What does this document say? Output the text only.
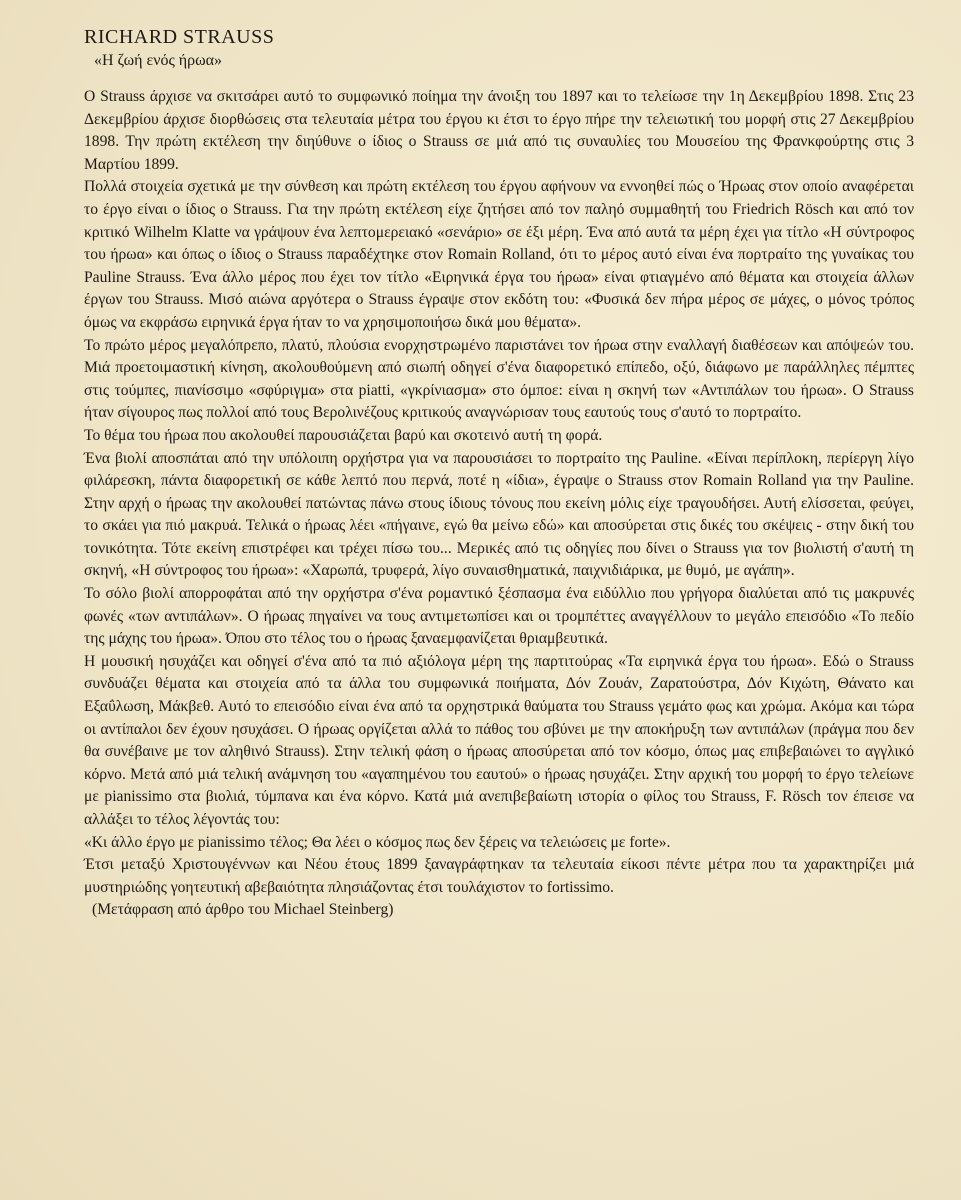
RICHARD STRAUSS
«Η ζωή ενός ήρωα»

Ο Strauss άρχισε να σκιτσάρει αυτό το συμφωνικό ποίημα την άνοιξη του 1897 και το τελείωσε την 1η Δεκεμβρίου 1898. Στις 23 Δεκεμβρίου άρχισε διορθώσεις στα τελευταία μέτρα του έργου κι έτσι το έργο πήρε την τελειωτική του μορφή στις 27 Δεκεμβρίου 1898. Την πρώτη εκτέλεση την διηύθυνε ο ίδιος ο Strauss σε μιά από τις συναυλίες του Μουσείου της Φρανκφούρτης στις 3 Μαρτίου 1899.

Πολλά στοιχεία σχετικά με την σύνθεση και πρώτη εκτέλεση του έργου αφήνουν να εννοηθεί πώς ο Ήρωας στον οποίο αναφέρεται το έργο είναι ο ίδιος ο Strauss. Για την πρώτη εκτέλεση είχε ζητήσει από τον παληό συμμαθητή του Friedrich Rösch και από τον κριτικό Wilhelm Klatte να γράψουν ένα λεπτομερειακό «σενάριο» σε έξι μέρη. Ένα από αυτά τα μέρη έχει για τίτλο «Η σύντροφος του ήρωα» και όπως ο ίδιος ο Strauss παραδέχτηκε στον Romain Rolland, ότι το μέρος αυτό είναι ένα πορτραίτο της γυναίκας του Pauline Strauss. Ένα άλλο μέρος που έχει τον τίτλο «Ειρηνικά έργα του ήρωα» είναι φτιαγμένο από θέματα και στοιχεία άλλων έργων του Strauss. Μισό αιώνα αργότερα ο Strauss έγραψε στον εκδότη του: «Φυσικά δεν πήρα μέρος σε μάχες, ο μόνος τρόπος όμως να εκφράσω ειρηνικά έργα ήταν το να χρησιμοποιήσω δικά μου θέματα».

Το πρώτο μέρος μεγαλόπρεπο, πλατύ, πλούσια ενορχηστρωμένο παριστάνει τον ήρωα στην εναλλαγή διαθέσεων και απόψεών του. Μιά προετοιμαστική κίνηση, ακολουθούμενη από σιωπή οδηγεί σ'ένα διαφορετικό επίπεδο, οξύ, διάφωνο με παράλληλες πέμπτες στις τούμπες, πιανίσσιμο «σφύριγμα» στα piatti, «γκρίνιασμα» στο όμποε: είναι η σκηνή των «Αντιπάλων του ήρωα». Ο Strauss ήταν σίγουρος πως πολλοί από τους Βερολινέζους κριτικούς αναγνώρισαν τους εαυτούς τους σ'αυτό το πορτραίτο.

Το θέμα του ήρωα που ακολουθεί παρουσιάζεται βαρύ και σκοτεινό αυτή τη φορά.

Ένα βιολί αποσπάται από την υπόλοιπη ορχήστρα για να παρουσιάσει το πορτραίτο της Pauline. «Είναι περίπλοκη, περίεργη λίγο φιλάρεσκη, πάντα διαφορετική σε κάθε λεπτό που περνά, ποτέ η «ίδια», έγραψε ο Strauss στον Romain Rolland για την Pauline. Στην αρχή ο ήρωας την ακολουθεί πατώντας πάνω στους ίδιους τόνους που εκείνη μόλις είχε τραγουδήσει. Αυτή ελίσσεται, φεύγει, το σκάει για πιό μακρυά. Τελικά ο ήρωας λέει «πήγαινε, εγώ θα μείνω εδώ» και αποσύρεται στις δικές του σκέψεις - στην δική του τονικότητα. Τότε εκείνη επιστρέφει και τρέχει πίσω του... Μερικές από τις οδηγίες που δίνει ο Strauss για τον βιολιστή σ'αυτή τη σκηνή, «Η σύντροφος του ήρωα»: «Χαρωπά, τρυφερά, λίγο συναισθηματικά, παιχνιδιάρικα, με θυμό, με αγάπη».

Το σόλο βιολί απορροφάται από την ορχήστρα σ'ένα ρομαντικό ξέσπασμα ένα ειδύλλιο που γρήγορα διαλύεται από τις μακρυνές φωνές «των αντιπάλων». Ο ήρωας πηγαίνει να τους αντιμετωπίσει και οι τρομπέττες αναγγέλλουν το μεγάλο επεισόδιο «Το πεδίο της μάχης του ήρωα». Όπου στο τέλος του ο ήρωας ξαναεμφανίζεται θριαμβευτικά.

Η μουσική ησυχάζει και οδηγεί σ'ένα από τα πιό αξιόλογα μέρη της παρτιτούρας «Τα ειρηνικά έργα του ήρωα». Εδώ ο Strauss συνδυάζει θέματα και στοιχεία από τα άλλα του συμφωνικά ποιήματα, Δόν Ζουάν, Ζαρατούστρα, Δόν Κιχώτη, Θάνατο και Εξαΰλωση, Μάκβεθ. Αυτό το επεισόδιο είναι ένα από τα ορχηστρικά θαύματα του Strauss γεμάτο φως και χρώμα. Ακόμα και τώρα οι αντίπαλοι δεν έχουν ησυχάσει. Ο ήρωας οργίζεται αλλά το πάθος του σβύνει με την αποκήρυξη των αντιπάλων (πράγμα που δεν θα συνέβαινε με τον αληθινό Strauss). Στην τελική φάση ο ήρωας αποσύρεται από τον κόσμο, όπως μας επιβεβαιώνει το αγγλικό κόρνο. Μετά από μιά τελική ανάμνηση του «αγαπημένου του εαυτού» ο ήρωας ησυχάζει. Στην αρχική του μορφή το έργο τελείωνε με pianissimo στα βιολιά, τύμπανα και ένα κόρνο. Κατά μιά ανεπιβεβαίωτη ιστορία ο φίλος του Strauss, F. Rösch τον έπεισε να αλλάξει το τέλος λέγοντάς του:

«Κι άλλο έργο με pianissimo τέλος; Θα λέει ο κόσμος πως δεν ξέρεις να τελειώσεις με forte».

Έτσι μεταξύ Χριστουγέννων και Νέου έτους 1899 ξαναγράφτηκαν τα τελευταία είκοσι πέντε μέτρα που τα χαρακτηρίζει μιά μυστηριώδης γοητευτική αβεβαιότητα πλησιάζοντας έτσι τουλάχιστον το fortissimo.

(Μετάφραση από άρθρο του Michael Steinberg)
